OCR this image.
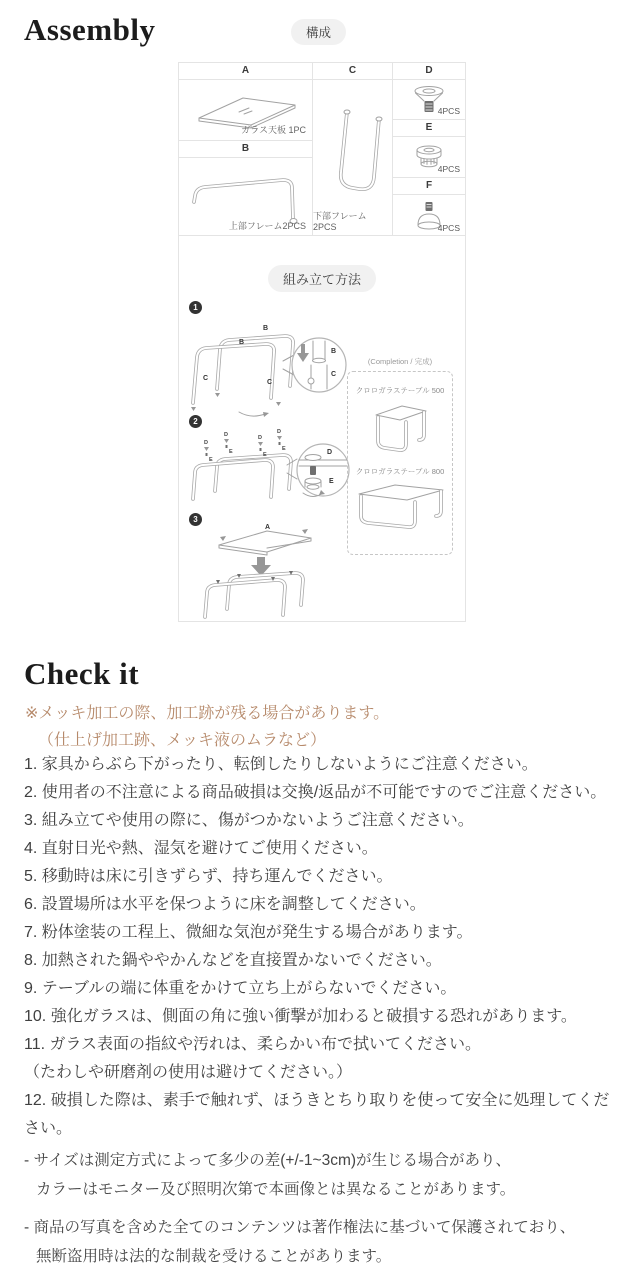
Assembly	構成
A
ガラス天板 1PC
B
上部フレーム2PCS
C
下部フレーム2PCS
D
4PCS
E
4PCS
F
4PCS
組み立て方法
1
B
B
C
C
B
C
2
D
E
D
E
D
E
D
E	D
E
3
A
(Completion / 完成)
クロロガラステーブル 500
クロロガラステーブル 800
Check it
※メッキ加工の際、加工跡が残る場合があります。
（仕上げ加工跡、メッキ液のムラなど）
1. 家具からぶら下がったり、転倒したりしないようにご注意ください。
2. 使用者の不注意による商品破損は交換/返品が不可能ですのでご注意ください。
3. 組み立てや使用の際に、傷がつかないようご注意ください。
4. 直射日光や熱、湿気を避けてご使用ください。
5. 移動時は床に引きずらず、持ち運んでください。
6. 設置場所は水平を保つように床を調整してください。
7. 粉体塗装の工程上、微細な気泡が発生する場合があります。
8. 加熱された鍋ややかんなどを直接置かないでください。
9. テーブルの端に体重をかけて立ち上がらないでください。
10. 強化ガラスは、側面の角に強い衝撃が加わると破損する恐れがあります。
11. ガラス表面の指紋や汚れは、柔らかい布で拭いてください。
（たわしや研磨剤の使用は避けてください。）
12. 破損した際は、素手で触れず、ほうきとちり取りを使って安全に処理してください。
- サイズは測定方式によって多少の差(+/-1~3cm)が生じる場合があり、
カラーはモニター及び照明次第で本画像とは異なることがあります。
- 商品の写真を含めた全てのコンテンツは著作権法に基づいて保護されており、
無断盗用時は法的な制裁を受けることがあります。
